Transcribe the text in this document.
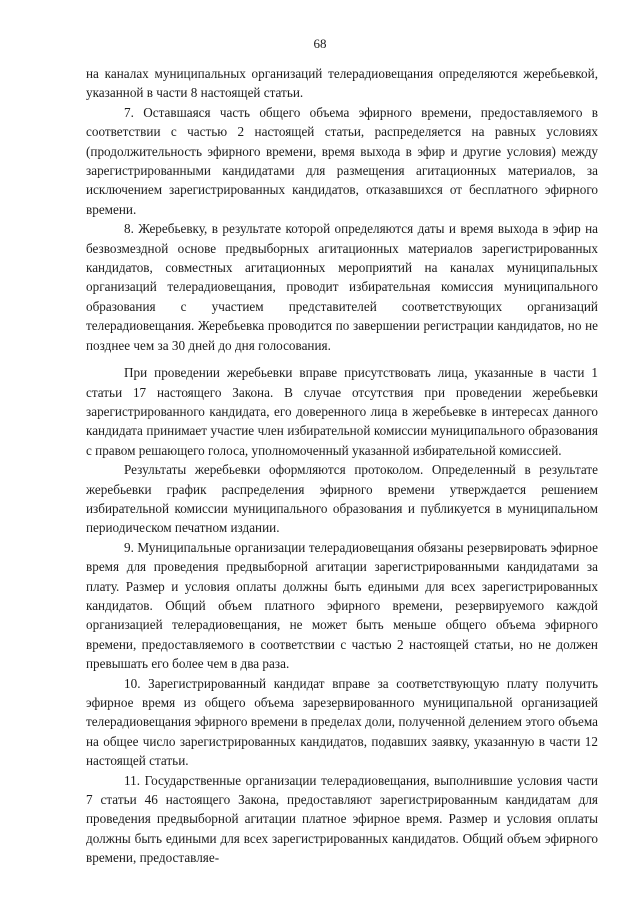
68

на каналах муниципальных организаций телерадиовещания определяются жеребьевкой, указанной в части 8 настоящей статьи.

7. Оставшаяся часть общего объема эфирного времени, предоставляемого в соответствии с частью 2 настоящей статьи, распределяется на равных условиях (продолжительность эфирного времени, время выхода в эфир и другие условия) между зарегистрированными кандидатами для размещения агитационных материалов, за исключением зарегистрированных кандидатов, отказавшихся от бесплатного эфирного времени.

8. Жеребьевку, в результате которой определяются даты и время выхода в эфир на безвозмездной основе предвыборных агитационных материалов зарегистрированных кандидатов, совместных агитационных мероприятий на каналах муниципальных организаций телерадиовещания, проводит избирательная комиссия муниципального образования с участием представителей соответствующих организаций телерадиовещания. Жеребьевка проводится по завершении регистрации кандидатов, но не позднее чем за 30 дней до дня голосования.

При проведении жеребьевки вправе присутствовать лица, указанные в части 1 статьи 17 настоящего Закона. В случае отсутствия при проведении жеребьевки зарегистрированного кандидата, его доверенного лица в жеребьевке в интересах данного кандидата принимает участие член избирательной комиссии муниципального образования с правом решающего голоса, уполномоченный указанной избирательной комиссией.

Результаты жеребьевки оформляются протоколом. Определенный в результате жеребьевки график распределения эфирного времени утверждается решением избирательной комиссии муниципального образования и публикуется в муниципальном периодическом печатном издании.

9. Муниципальные организации телерадиовещания обязаны резервировать эфирное время для проведения предвыборной агитации зарегистрированными кандидатами за плату. Размер и условия оплаты должны быть едиными для всех зарегистрированных кандидатов. Общий объем платного эфирного времени, резервируемого каждой организацией телерадиовещания, не может быть меньше общего объема эфирного времени, предоставляемого в соответствии с частью 2 настоящей статьи, но не должен превышать его более чем в два раза.

10. Зарегистрированный кандидат вправе за соответствующую плату получить эфирное время из общего объема зарезервированного муниципальной организацией телерадиовещания эфирного времени в пределах доли, полученной делением этого объема на общее число зарегистрированных кандидатов, подавших заявку, указанную в части 12 настоящей статьи.

11. Государственные организации телерадиовещания, выполнившие условия части 7 статьи 46 настоящего Закона, предоставляют зарегистрированным кандидатам для проведения предвыборной агитации платное эфирное время. Размер и условия оплаты должны быть едиными для всех зарегистрированных кандидатов. Общий объем эфирного времени, предоставляе-
